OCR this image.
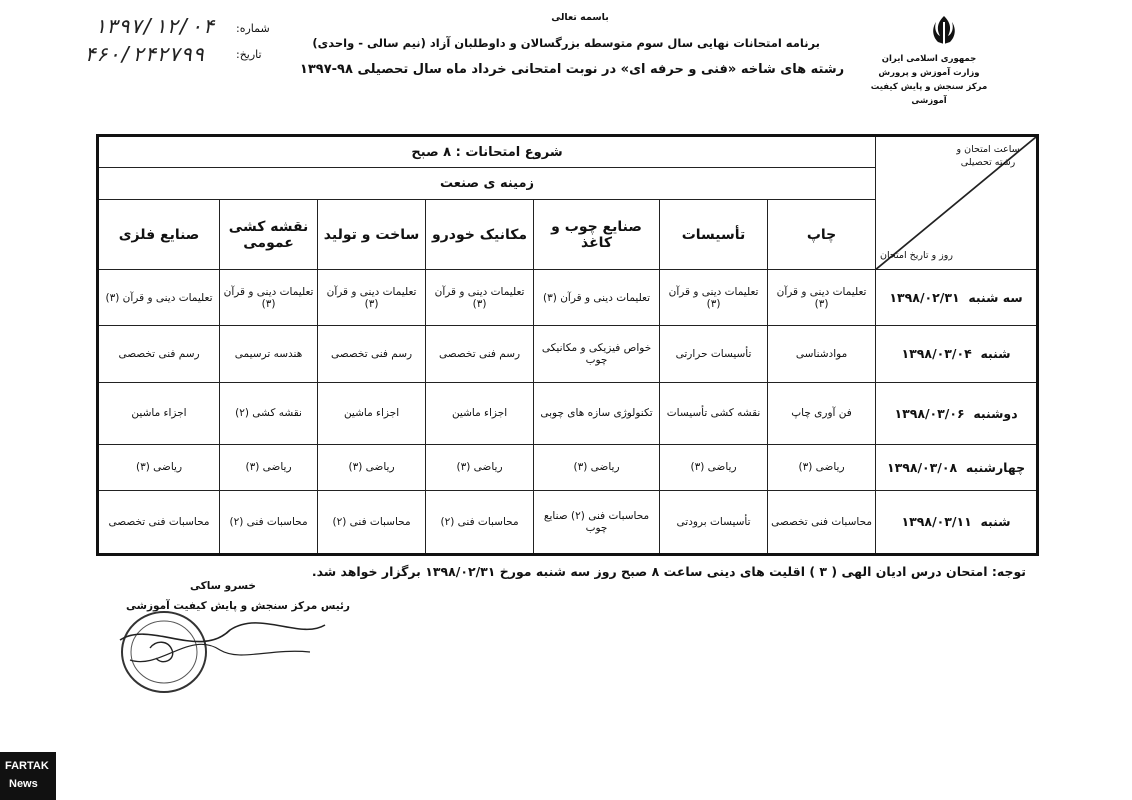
جمهوری اسلامی ایران
وزارت آموزش و پرورش
مرکز سنجش و پایش کیفیت آموزشی
باسمه تعالی
برنامه امتحانات نهایی سال سوم متوسطه بزرگسالان و داوطلبان آزاد (نیم سالی - واحدی)
رشته های شاخه «فنی و حرفه ای» در نوبت امتحانی خرداد ماه سال تحصیلی ۹۸-۱۳۹۷
شماره:
۱۳۹۷/۱۲/۰۴
تاریخ:
۴۶۰/۲۴۲۷۹۹
ساعت امتحان و رشته تحصیلی
روز و تاریخ امتحان	شروع امتحانات : ۸ صبح						
	زمینه ی صنعت						
	چاپ	تأسیسات	صنایع چوب و کاغذ	مکانیک خودرو	ساخت و تولید	نقشه کشی عمومی	صنایع فلزی
سه شنبه  ۱۳۹۸/۰۲/۳۱	تعلیمات دینی و قرآن (۳)	تعلیمات دینی و قرآن (۳)	تعلیمات دینی و قرآن (۳)	تعلیمات دینی و قرآن (۳)	تعلیمات دینی و قرآن (۳)	تعلیمات دینی و قرآن (۳)	تعلیمات دینی و قرآن (۳)
شنبه  ۱۳۹۸/۰۳/۰۴	موادشناسی	تأسیسات حرارتی	خواص فیزیکی و مکانیکی چوب	رسم فنی تخصصی	رسم فنی تخصصی	هندسه ترسیمی	رسم فنی تخصصی
دوشنبه  ۱۳۹۸/۰۳/۰۶	فن آوری چاپ	نقشه کشی تأسیسات	تکنولوژی سازه های چوبی	اجزاء ماشین	اجزاء ماشین	نقشه کشی (۲)	اجزاء ماشین
چهارشنبه  ۱۳۹۸/۰۳/۰۸	ریاضی (۳)	ریاضی (۳)	ریاضی (۳)	ریاضی (۳)	ریاضی (۳)	ریاضی (۳)	ریاضی (۳)
شنبه  ۱۳۹۸/۰۳/۱۱	محاسبات فنی تخصصی	تأسیسات برودتی	محاسبات فنی (۲) صنایع چوب	محاسبات فنی (۲)	محاسبات فنی (۲)	محاسبات فنی (۲)	محاسبات فنی تخصصی
توجه: امتحان درس ادیان الهی ( ۳ ) اقلیت های دینی ساعت ۸ صبح روز سه شنبه مورخ ۱۳۹۸/۰۲/۳۱ برگزار خواهد شد.
خسرو ساکی
رئیس مرکز سنجش و پایش کیفیت آموزشی
FARTAK
News
